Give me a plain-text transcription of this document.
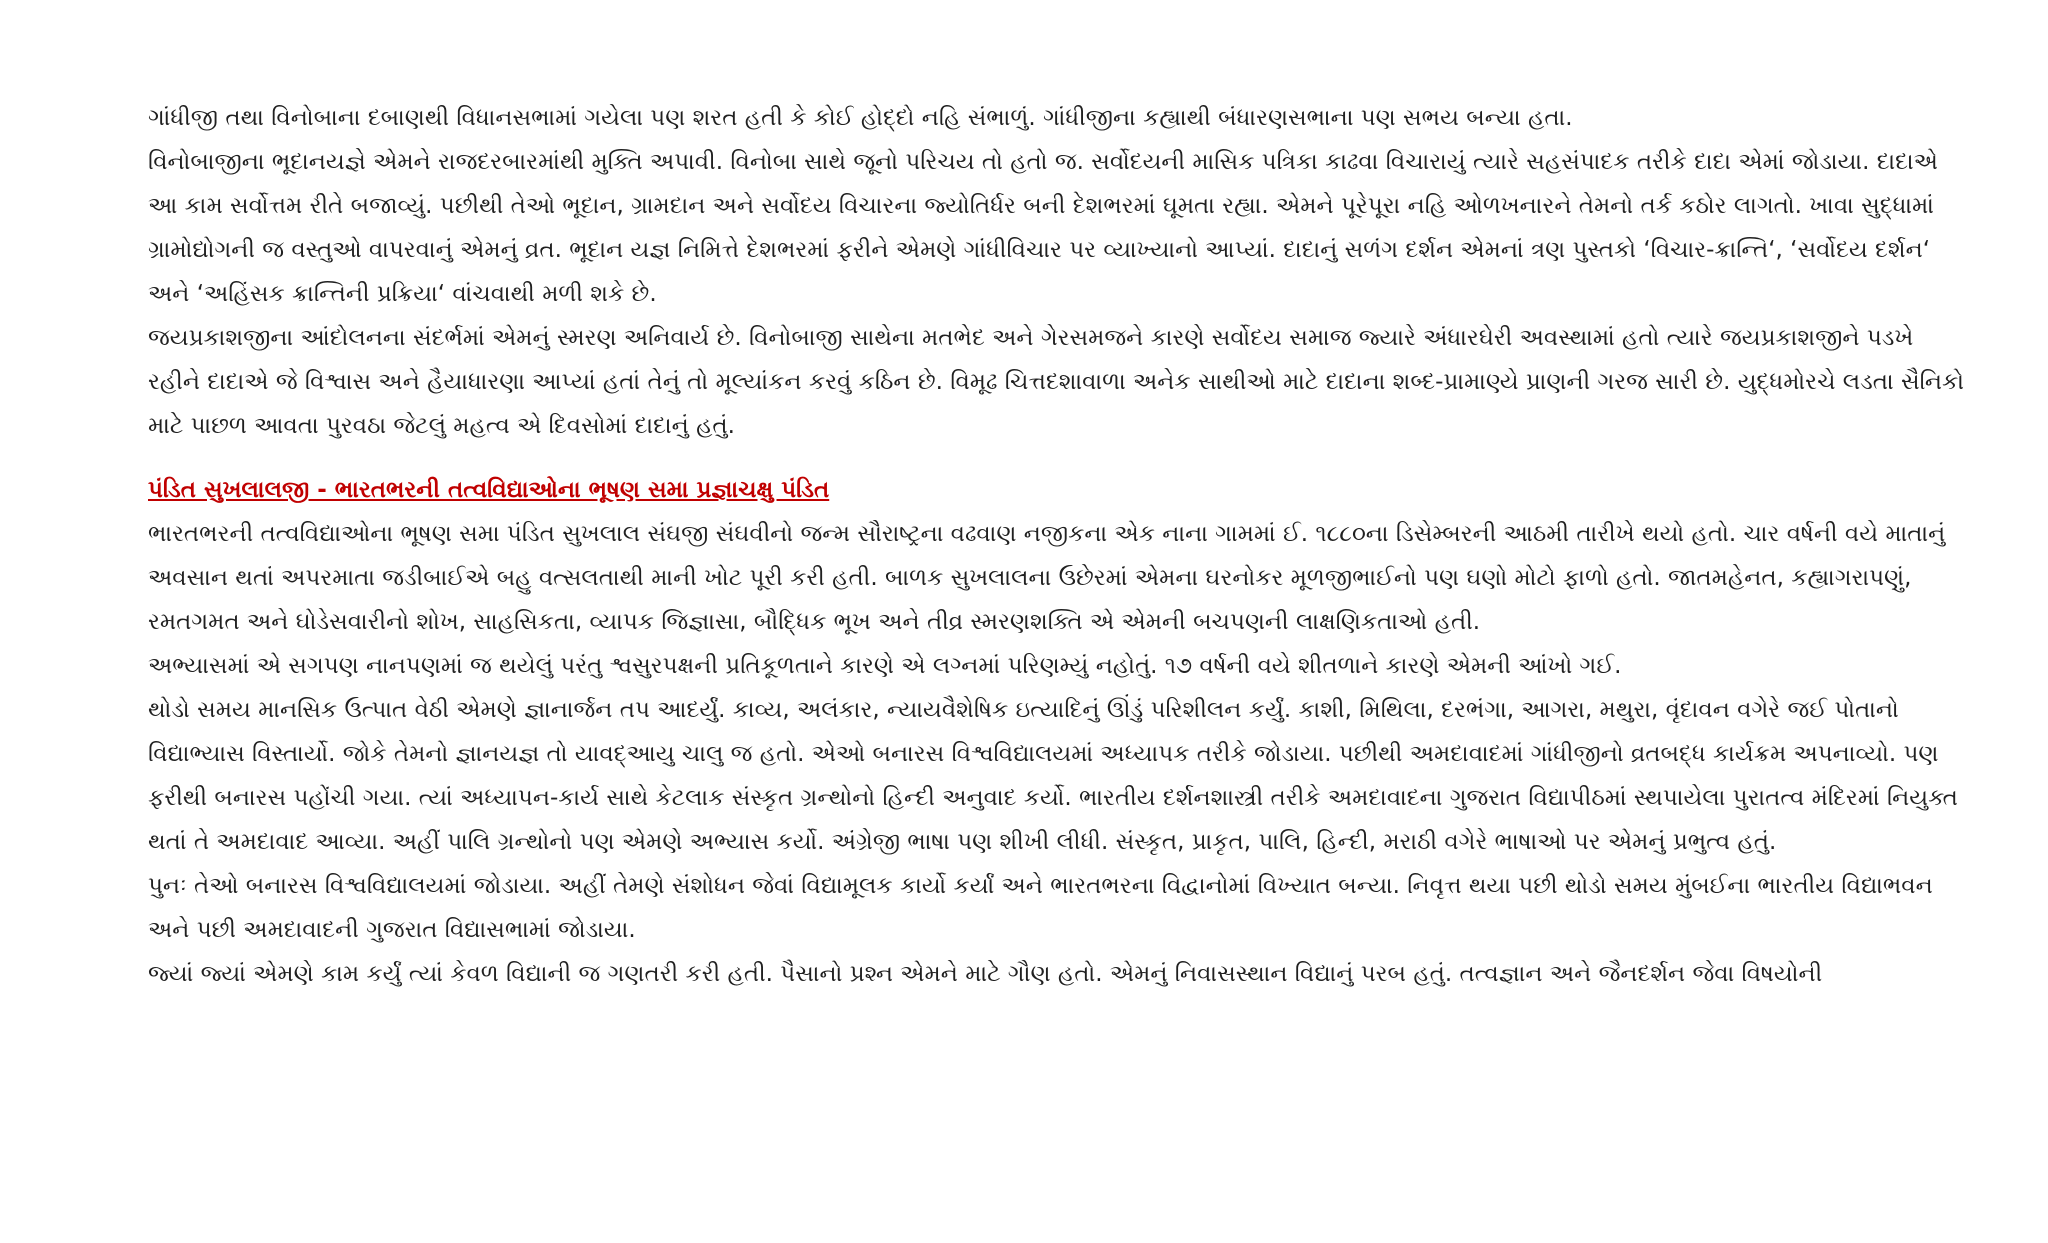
ગાંધીજી તથા વિનોબાના દબાણથી વિધાનસભામાં ગયેલા પણ શરત હતી કે કોઈ હોદ્દો નહિ સંભાળું. ગાંધીજીના કહ્યાથી બંધારણસભાના પણ સભય બન્યા હતા.

વિનોબાજીના ભૂદાનયજ્ઞે એમને રાજદરબારમાંથી મુક્તિ અપાવી. વિનોબા સાથે જૂનો પરિચય તો હતો જ. સર્વોદયની માસિક પત્રિકા કાઢવા વિચારાયું ત્યારે સહસંપાદક તરીકે દાદા એમાં જોડાયા. દાદાએ આ કામ સર્વોત્તમ રીતે બજાવ્યું. પછીથી તેઓ ભૂદાન, ગ્રામદાન અને સર્વોદય વિચારના જ્યોતિર્ધર બની દેશભરમાં ઘૂમતા રહ્યા. એમને પૂરેપૂરા નહિ ઓળખનારને તેમનો તર્ક કઠોર લાગતો. ખાવા સુદ્ધામાં ગ્રામોદ્યોગની જ વસ્તુઓ વાપરવાનું એમનું વ્રત. ભૂદાન યજ્ઞ નિમિત્તે દેશભરમાં ફરીને એમણે ગાંધીવિચાર પર વ્યાખ્યાનો આપ્યાં. દાદાનું સળંગ દર્શન એમનાં ત્રણ પુસ્તકો ‘વિચાર-ક્રાન્તિ‘, ‘સર્વોદય દર્શન‘ અને ‘અહિંસક ક્રાન્તિની પ્રક્રિયા‘ વાંચવાથી મળી શકે છે.

જયપ્રકાશજીના આંદોલનના સંદર્ભમાં એમનું સ્મરણ અનિવાર્ય છે. વિનોબાજી સાથેના મતભેદ અને ગેરસમજને કારણે સર્વોદય સમાજ જ્યારે અંધારઘેરી અવસ્થામાં હતો ત્યારે જયપ્રકાશજીને પડખે રહીને દાદાએ જે વિશ્વાસ અને હૈયાધારણા આપ્યાં હતાં તેનું તો મૂલ્યાંકન કરવું કઠિન છે. વિમૂઢ ચિત્તદશાવાળા અનેક સાથીઓ માટે દાદાના શબ્દ-પ્રામાણ્યે પ્રાણની ગરજ સારી છે. યુદ્ધમોરચે લડતા સૈનિકો માટે પાછળ આવતા પુરવઠા જેટલું મહત્વ એ દિવસોમાં દાદાનું હતું.

પંડિત સુખલાલજી - ભારતભરની તત્વવિદ્યાઓના ભૂષણ સમા પ્રજ્ઞાચક્ષુ પંડિત

ભારતભરની તત્વવિદ્યાઓના ભૂષણ સમા પંડિત સુખલાલ સંઘજી સંઘવીનો જન્મ સૌરાષ્ટ્રના વઢવાણ નજીકના એક નાના ગામમાં ઈ. ૧૮૮૦ના ડિસેમ્બરની આઠમી તારીખે થયો હતો. ચાર વર્ષની વયે માતાનું અવસાન થતાં અપરમાતા જડીબાઈએ બહુ વત્સલતાથી માની ખોટ પૂરી કરી હતી. બાળક સુખલાલના ઉછેરમાં એમના ઘરનોકર મૂળજીભાઈનો પણ ઘણો મોટો ફાળો હતો. જાતમહેનત, કહ્યાગરાપણું, રમતગમત અને ઘોડેસવારીનો શોખ, સાહસિકતા, વ્યાપક જિજ્ઞાસા, બૌદ્ધિક ભૂખ અને તીવ્ર સ્મરણશક્તિ એ એમની બચપણની લાક્ષણિકતાઓ હતી.

અભ્યાસમાં એ સગપણ નાનપણમાં જ થયેલું પરંતુ શ્વસુરપક્ષની પ્રતિકૂળતાને કારણે એ લગ્નમાં પરિણમ્યું નહોતું. ૧૭ વર્ષની વયે શીતળાને કારણે એમની આંખો ગઈ.

થોડો સમય માનસિક ઉત્પાત વેઠી એમણે જ્ઞાનાર્જન તપ આદર્યું. કાવ્ય, અલંકાર, ન્યાયવૈશેષિક ઇત્યાદિનું ઊંડું પરિશીલન કર્યું. કાશી, મિથિલા, દરભંગા, આગરા, મથુરા, વૃંદાવન વગેરે જઈ પોતાનો વિદ્યાભ્યાસ વિસ્તાર્યો. જોકે તેમનો જ્ઞાનયજ્ઞ તો યાવદ્આયુ ચાલુ જ હતો. એઓ બનારસ વિશ્વવિદ્યાલયમાં અધ્યાપક તરીકે જોડાયા. પછીથી અમદાવાદમાં ગાંધીજીનો વ્રતબદ્ધ કાર્યક્રમ અપનાવ્યો. પણ ફરીથી બનારસ પહોંચી ગયા. ત્યાં અધ્યાપન-કાર્ય સાથે કેટલાક સંસ્કૃત ગ્રન્થોનો હિન્દી અનુવાદ કર્યો. ભારતીય દર્શનશાસ્ત્રી તરીકે અમદાવાદના ગુજરાત વિદ્યાપીઠમાં સ્થપાયેલા પુરાતત્વ મંદિરમાં નિયુક્ત થતાં તે અમદાવાદ આવ્યા. અહીં પાલિ ગ્રન્થોનો પણ એમણે અભ્યાસ કર્યો. અંગ્રેજી ભાષા પણ શીખી લીધી. સંસ્કૃત, પ્રાકૃત, પાલિ, હિન્દી, મરાઠી વગેરે ભાષાઓ પર એમનું પ્રભુત્વ હતું.

પુનઃ તેઓ બનારસ વિશ્વવિદ્યાલયમાં જોડાયા. અહીં તેમણે સંશોધન જેવાં વિદ્યામૂલક કાર્યો કર્યાં અને ભારતભરના વિદ્વાનોમાં વિખ્યાત બન્યા. નિવૃત્ત થયા પછી થોડો સમય મુંબઈના ભારતીય વિદ્યાભવન અને પછી અમદાવાદની ગુજરાત વિદ્યાસભામાં જોડાયા.

જ્યાં જ્યાં એમણે કામ કર્યું ત્યાં કેવળ વિદ્યાની જ ગણતરી કરી હતી. પૈસાનો પ્રશ્ન એમને માટે ગૌણ હતો. એમનું નિવાસસ્થાન વિદ્યાનું પરબ હતું. તત્વજ્ઞાન અને જૈનદર્શન જેવા વિષયોની
